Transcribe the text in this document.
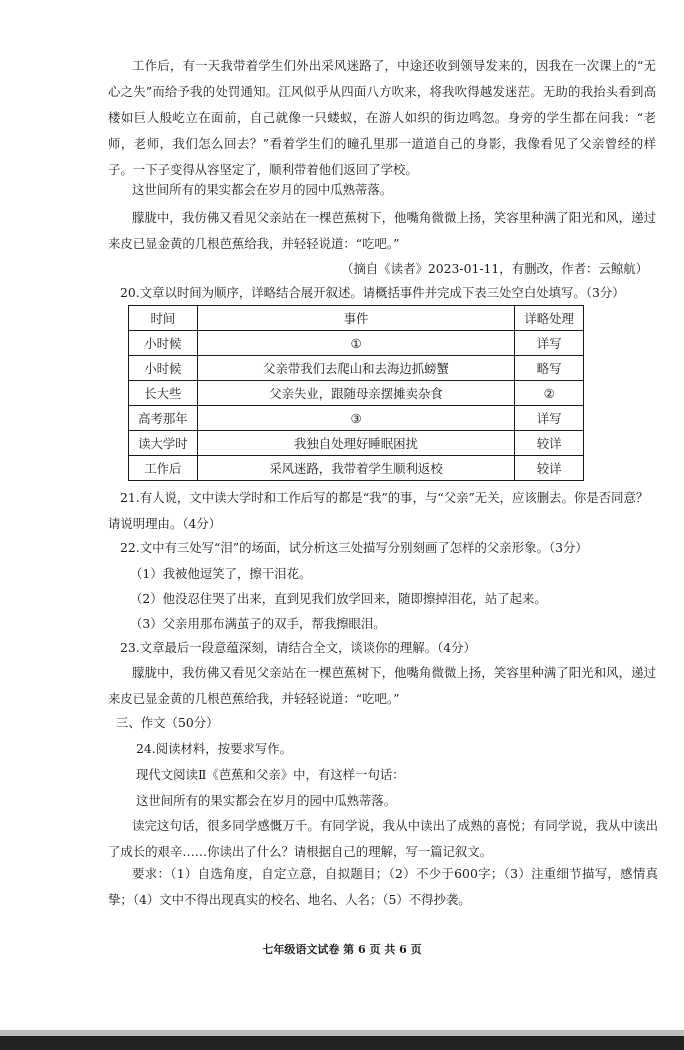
工作后，有一天我带着学生们外出采风迷路了，中途还收到领导发来的，因我在一次课上的“无心之失”而给予我的处罚通知。江风似乎从四面八方吹来，将我吹得越发迷茫。无助的我抬头看到高楼如巨人般屹立在面前，自己就像一只蝼蚁，在游人如织的街边鸣忽。身旁的学生都在问我：“老师，老师，我们怎么回去？”看着学生们的瞳孔里那一道道自己的身影，我像看见了父亲曾经的样子。一下子变得从容坚定了，顺利带着他们返回了学校。

这世间所有的果实都会在岁月的园中瓜熟蒂落。

朦胧中，我仿佛又看见父亲站在一棵芭蕉树下，他嘴角微微上扬，笑容里种满了阳光和风，递过来皮已显金黄的几根芭蕉给我，并轻轻说道：“吃吧。”

（摘自《读者》2023-01-11，有删改，作者：云鲸航）
20.文章以时间为顺序，详略结合展开叙述。请概括事件并完成下表三处空白处填写。（3分）
时间	事件	详略处理
小时候	①	详写
小时候	父亲带我们去爬山和去海边抓螃蟹	略写
长大些	父亲失业，跟随母亲摆摊卖杂食	②
高考那年	③	详写
读大学时	我独自处理好睡眠困扰	较详
工作后	采风迷路，我带着学生顺利返校	较详
21.有人说，文中读大学时和工作后写的都是“我”的事，与“父亲”无关，应该删去。你是否同意？请说明理由。（4分）
22.文中有三处写“泪”的场面，试分析这三处描写分别刻画了怎样的父亲形象。（3分）
（1）我被他逗笑了，擦干泪花。
（2）他没忍住哭了出来，直到见我们放学回来，随即擦掉泪花，站了起来。
（3）父亲用那布满茧子的双手，帮我擦眼泪。
23.文章最后一段意蕴深刻，请结合全文，谈谈你的理解。（4分）

朦胧中，我仿佛又看见父亲站在一棵芭蕉树下，他嘴角微微上扬，笑容里种满了阳光和风，递过来皮已显金黄的几根芭蕉给我，并轻轻说道：“吃吧。”

三、作文（50分）
24.阅读材料，按要求写作。
现代文阅读Ⅱ《芭蕉和父亲》中，有这样一句话：
这世间所有的果实都会在岁月的园中瓜熟蒂落。

读完这句话，很多同学感慨万千。有同学说，我从中读出了成熟的喜悦；有同学说，我从中读出了成长的艰辛……你读出了什么？请根据自己的理解，写一篇记叙文。

要求：（1）自选角度，自定立意，自拟题目；（2）不少于600字；（3）注重细节描写，感情真挚；（4）文中不得出现真实的校名、地名、人名；（5）不得抄袭。

七年级语文试卷 第 6 页 共 6 页
